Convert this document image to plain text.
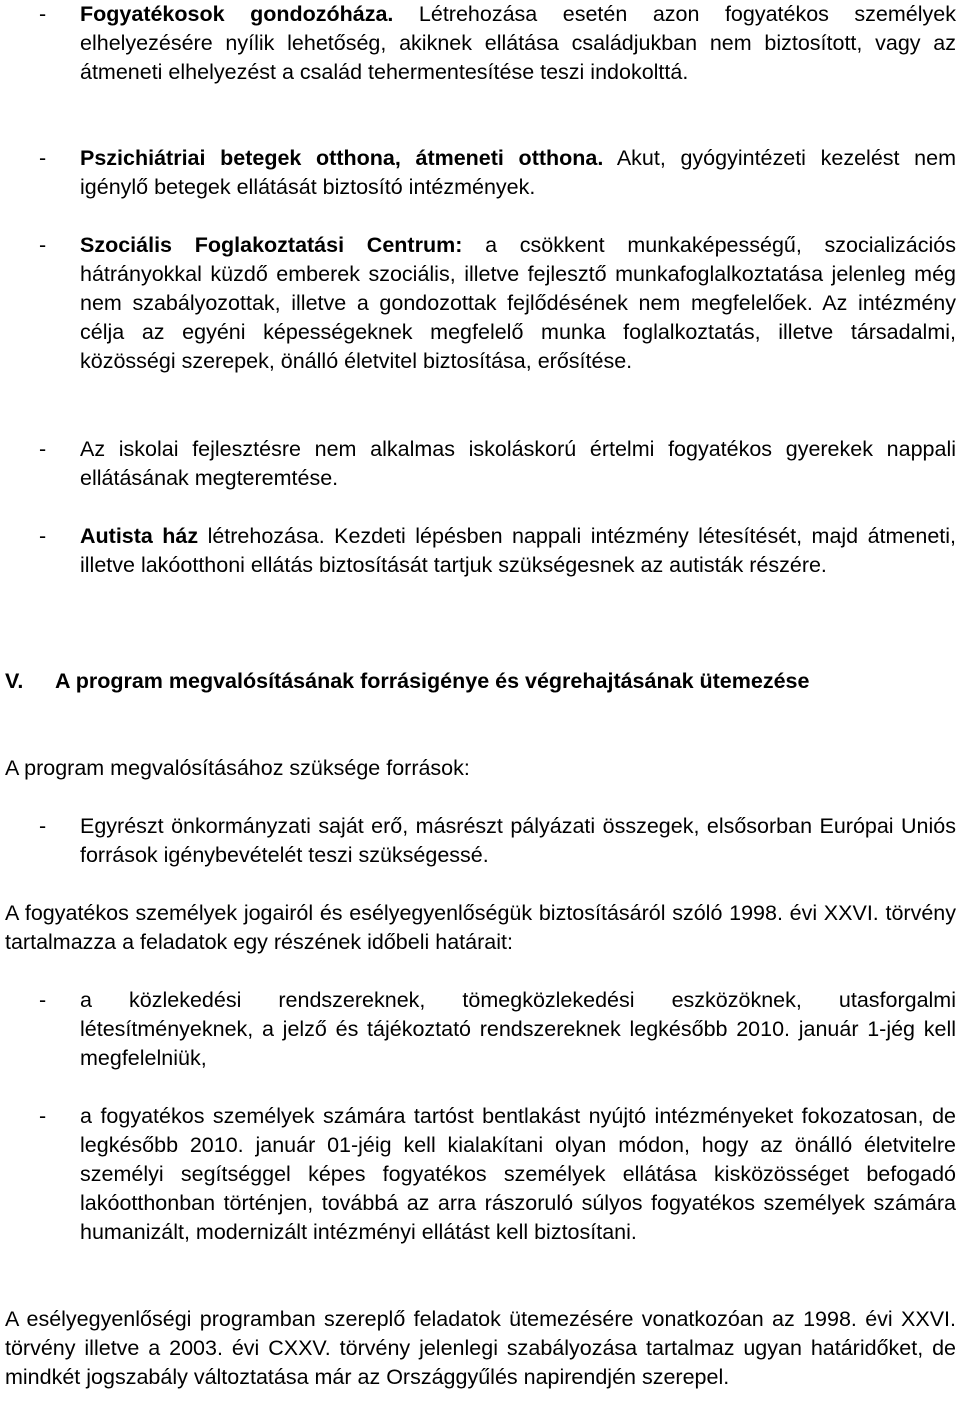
- Fogyatékosok gondozóháza. Létrehozása esetén azon fogyatékos személyek elhelyezésére nyílik lehetőség, akiknek ellátása családjukban nem biztosított, vagy az átmeneti elhelyezést a család tehermentesítése teszi indokolttá.
- Pszichiátriai betegek otthona, átmeneti otthona. Akut, gyógyintézeti kezelést nem igénylő betegek ellátását biztosító intézmények.
- Szociális Foglakoztatási Centrum: a csökkent munkaképességű, szocializációs hátrányokkal küzdő emberek szociális, illetve fejlesztő munkafoglalkoztatása jelenleg még nem szabályozottak, illetve a gondozottak fejlődésének nem megfelelőek. Az intézmény célja az egyéni képességeknek megfelelő munka foglalkoztatás, illetve társadalmi, közösségi szerepek, önálló életvitel biztosítása, erősítése.
- Az iskolai fejlesztésre nem alkalmas iskoláskorú értelmi fogyatékos gyerekek nappali ellátásának megteremtése.
- Autista ház létrehozása. Kezdeti lépésben nappali intézmény létesítését, majd átmeneti, illetve lakóotthoni ellátás biztosítását tartjuk szükségesnek az autisták részére.
V. A program megvalósításának forrásigénye és végrehajtásának ütemezése
A program megvalósításához szüksége források:
- Egyrészt önkormányzati saját erő, másrészt pályázati összegek, elsősorban Európai Uniós források igénybevételét teszi szükségessé.
A fogyatékos személyek jogairól és esélyegyenlőségük biztosításáról szóló 1998. évi XXVI. törvény tartalmazza a feladatok egy részének időbeli határait:
- a közlekedési rendszereknek, tömegközlekedési eszközöknek, utasforgalmi létesítményeknek, a jelző és tájékoztató rendszereknek legkésőbb 2010. január 1-jég kell megfelelniük,
- a fogyatékos személyek számára tartóst bentlakást nyújtó intézményeket fokozatosan, de legkésőbb 2010. január 01-jéig kell kialakítani olyan módon, hogy az önálló életvitelre személyi segítséggel képes fogyatékos személyek ellátása kisközösséget befogadó lakóotthonban történjen, továbbá az arra rászoruló súlyos fogyatékos személyek számára humanizált, modernizált intézményi ellátást kell biztosítani.
A esélyegyenlőségi programban szereplő feladatok ütemezésére vonatkozóan az 1998. évi XXVI. törvény illetve a 2003. évi CXXV. törvény jelenlegi szabályozása tartalmaz ugyan határidőket, de mindkét jogszabály változtatása már az Országgyűlés napirendjén szerepel.
